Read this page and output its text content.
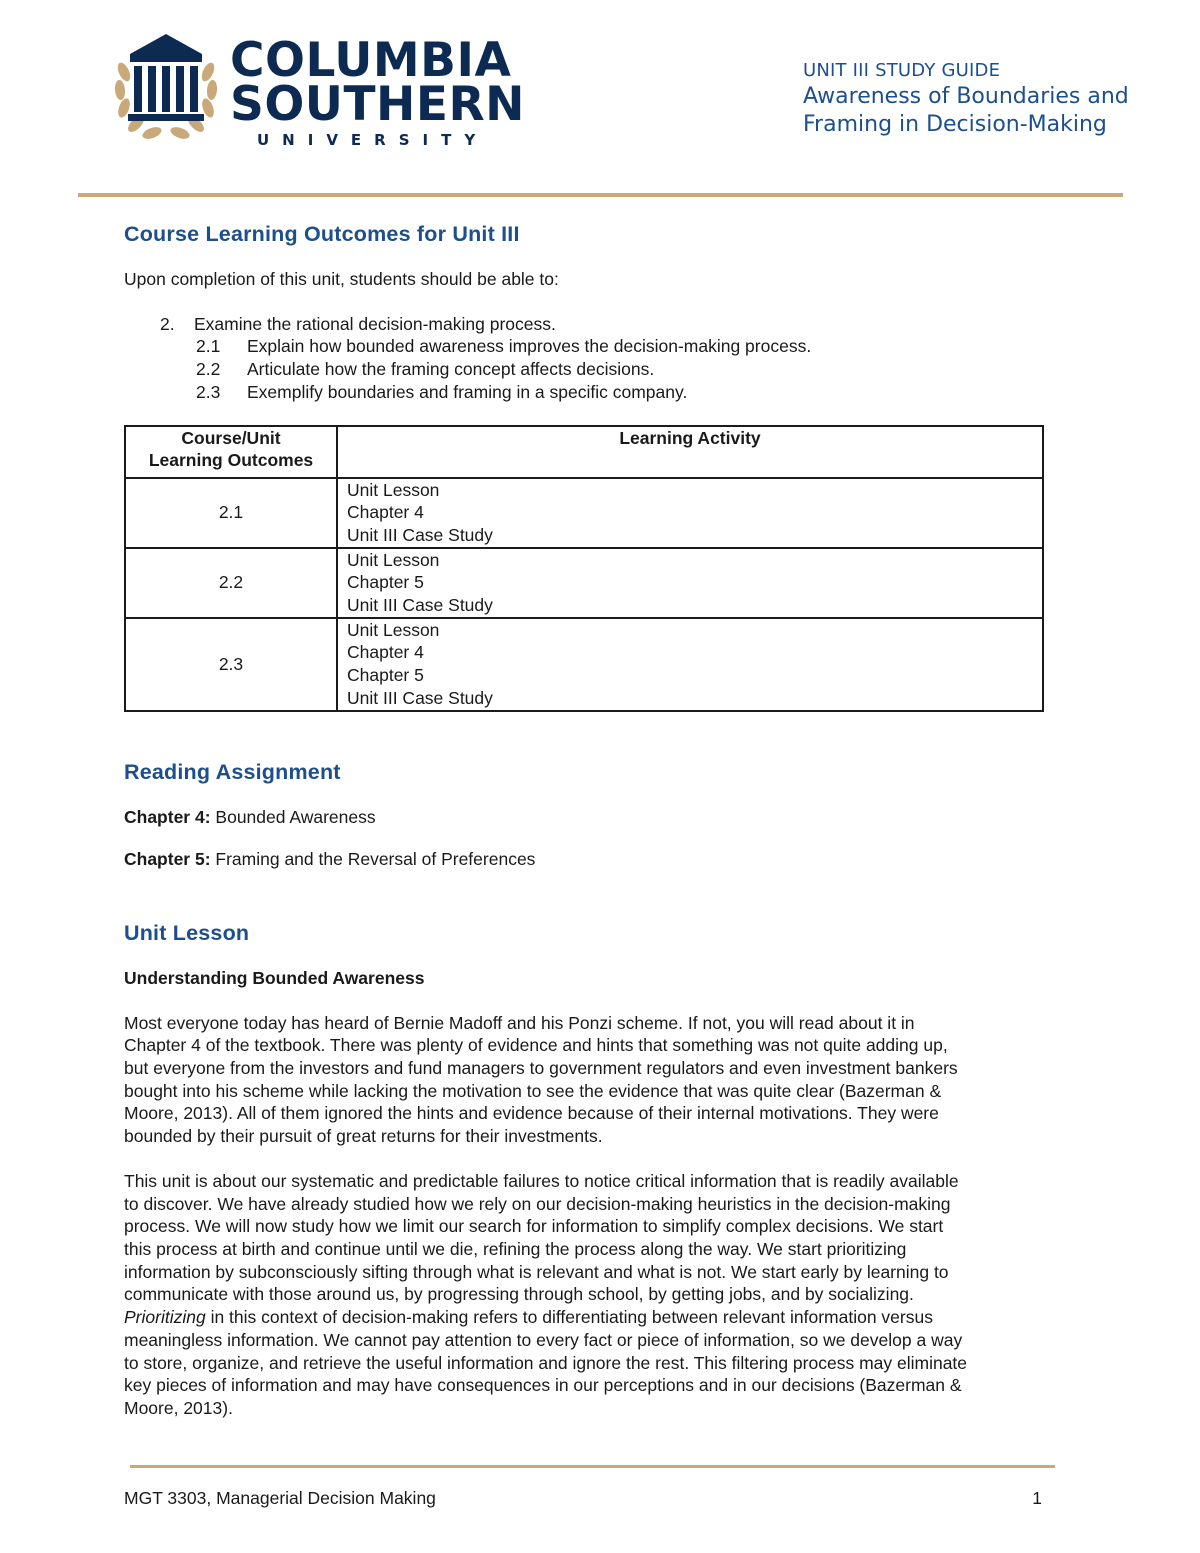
COLUMBIA
SOUTHERN
UNIVERSITY
UNIT III STUDY GUIDE
Awareness of Boundaries and
Framing in Decision-Making
Course Learning Outcomes for Unit III

Upon completion of this unit, students should be able to:

2. Examine the rational decision-making process.
2.1 Explain how bounded awareness improves the decision-making process.
2.2 Articulate how the framing concept affects decisions.
2.3 Exemplify boundaries and framing in a specific company.
Course/Unit
Learning Outcomes	Learning Activity
2.1	Unit Lesson
Chapter 4
Unit III Case Study

2.2	Unit Lesson
Chapter 5
Unit III Case Study

2.3	Unit Lesson
Chapter 4
Chapter 5
Unit III Case Study
Reading Assignment

Chapter 4: Bounded Awareness

Chapter 5: Framing and the Reversal of Preferences

Unit Lesson

Understanding Bounded Awareness

Most everyone today has heard of Bernie Madoff and his Ponzi scheme. If not, you will read about it in
Chapter 4 of the textbook. There was plenty of evidence and hints that something was not quite adding up,
but everyone from the investors and fund managers to government regulators and even investment bankers
bought into his scheme while lacking the motivation to see the evidence that was quite clear (Bazerman &
Moore, 2013). All of them ignored the hints and evidence because of their internal motivations. They were
bounded by their pursuit of great returns for their investments.
This unit is about our systematic and predictable failures to notice critical information that is readily available
to discover. We have already studied how we rely on our decision-making heuristics in the decision-making
process. We will now study how we limit our search for information to simplify complex decisions. We start
this process at birth and continue until we die, refining the process along the way. We start prioritizing
information by subconsciously sifting through what is relevant and what is not. We start early by learning to
communicate with those around us, by progressing through school, by getting jobs, and by socializing.
Prioritizing in this context of decision-making refers to differentiating between relevant information versus
meaningless information. We cannot pay attention to every fact or piece of information, so we develop a way
to store, organize, and retrieve the useful information and ignore the rest. This filtering process may eliminate
key pieces of information and may have consequences in our perceptions and in our decisions (Bazerman &
Moore, 2013).
MGT 3303, Managerial Decision Making	1
